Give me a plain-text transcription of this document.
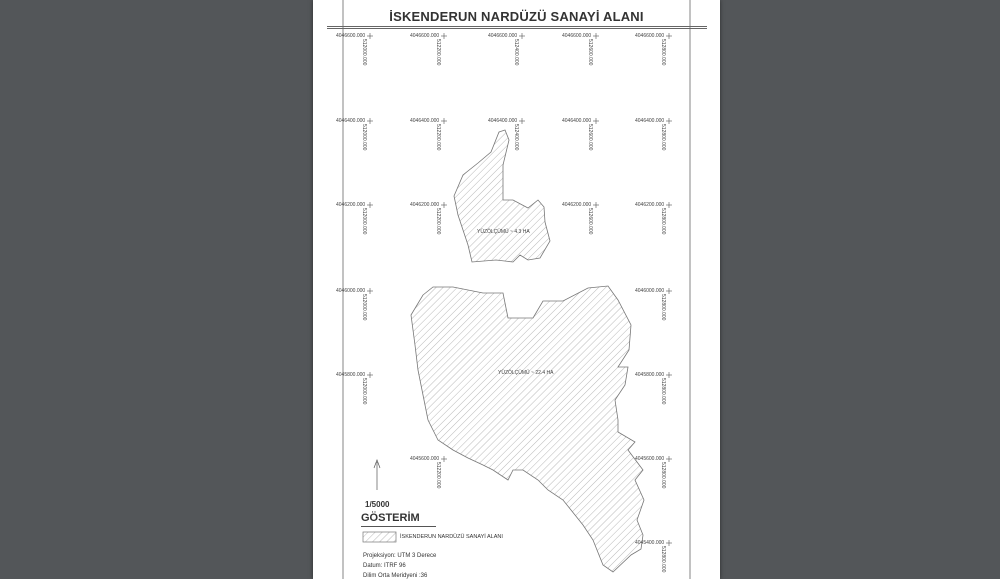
İSKENDERUN NARDÜZÜ SANAYİ ALANI
4046600.000
512000.000
4046600.000
512200.000
4046600.000
512400.000
4046600.000
512600.000
4046600.000
512800.000
4046400.000
512000.000
4046400.000
512200.000
4046400.000
512400.000
4046400.000
512600.000
4046400.000
512800.000
4046200.000
512000.000
4046200.000
512200.000
4046200.000
512600.000
4046200.000
512800.000
4046000.000
512000.000
4046000.000
512800.000
4045800.000
512000.000
4045800.000
512800.000
4045600.000
512200.000
4045600.000
512800.000
4045400.000
512800.000
YÜZÖLÇÜMÜ ~ 4.3 HA
YÜZÖLÇÜMÜ ~ 22.4 HA
1/5000
GÖSTERİM
İSKENDERUN NARDÜZÜ SANAYİ ALANI
Projeksiyon: UTM 3 Derece
Datum: ITRF 96
Dilim Orta Meridyeni :36
